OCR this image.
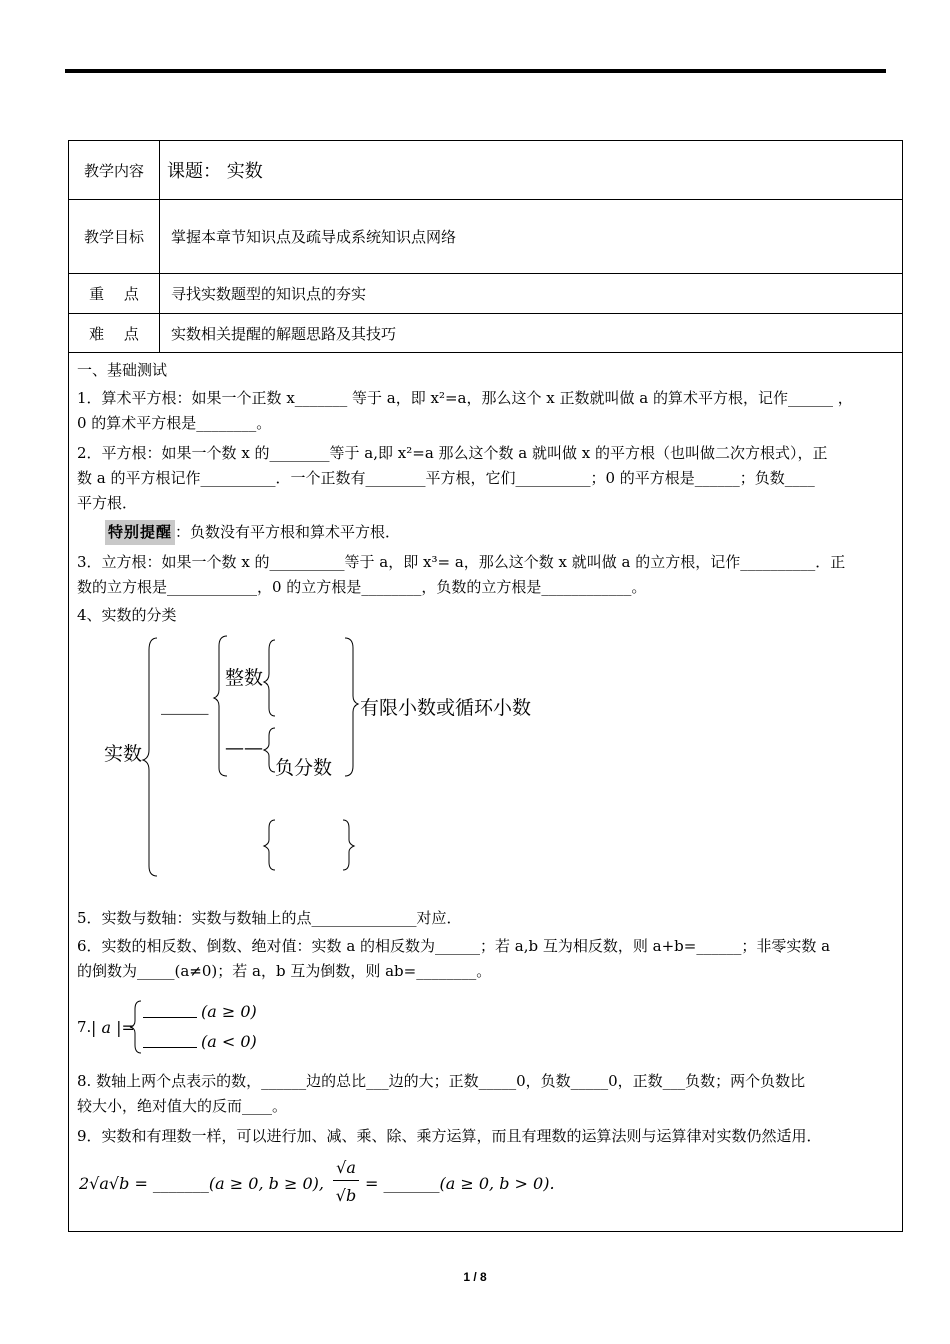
教学内容	课题： 实数
教学目标	掌握本章节知识点及疏导成系统知识点网络
重　 点	寻找实数题型的知识点的夯实
难　 点	实数相关提醒的解题思路及其技巧
一、基础测试
1．算术平方根：如果一个正数 x_______ 等于 a，即 x²=a，那么这个 x 正数就叫做 a 的算术平方根，记作______ ，
0 的算术平方根是________。
2．平方根：如果一个数 x 的________等于 a,即 x²=a 那么这个数 a 就叫做 x 的平方根（也叫做二次方根式），正
数 a 的平方根记作__________．一个正数有________平方根，它们__________；0 的平方根是______；负数____
平方根．
特别提醒 ：负数没有平方根和算术平方根．
3．立方根：如果一个数 x 的__________等于 a，即 x³= a，那么这个数 x 就叫做 a 的立方根，记作__________．正
数的立方根是____________，0 的立方根是________，负数的立方根是____________。
4、实数的分类
实数
_____
整数
有限小数或循环小数
——
负分数
5．实数与数轴：实数与数轴上的点______________对应．
6．实数的相反数、倒数、绝对值：实数 a 的相反数为______；若 a,b 互为相反数，则 a+b=______；非零实数 a
的倒数为_____(a≠0)；若 a，b 互为倒数，则 ab=________。
7. | a |=
(a ≥ 0)
(a < 0)
8. 数轴上两个点表示的数，______边的总比___边的大；正数_____0，负数_____0，正数___负数；两个负数比
较大小，绝对值大的反而____。
9．实数和有理数一样，可以进行加、减、乘、除、乘方运算，而且有理数的运算法则与运算律对实数仍然适用．
2√a√b = _______(a ≥ 0, b ≥ 0),
√a
√b
= _______(a ≥ 0, b > 0).
1 / 8
